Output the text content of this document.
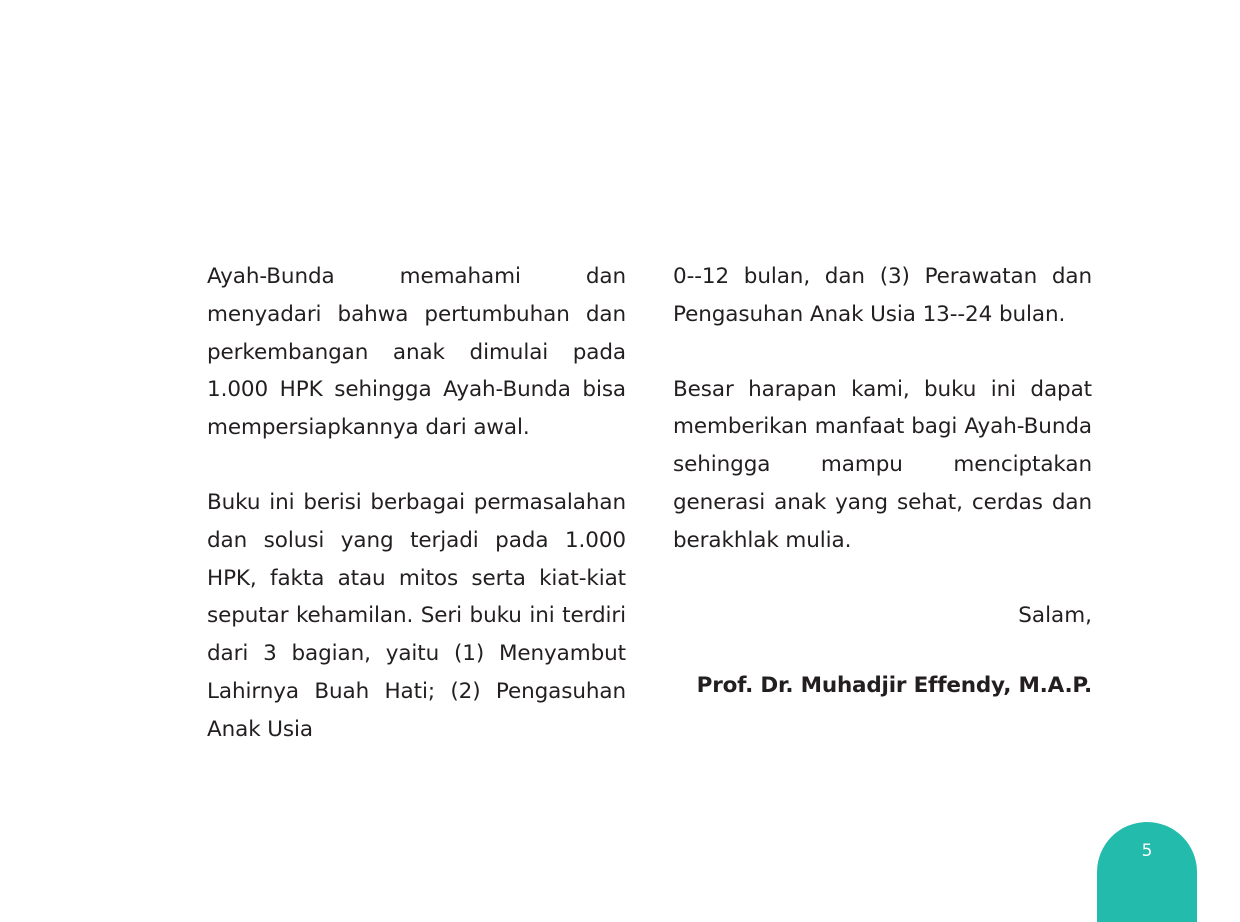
Ayah-Bunda memahami dan menyadari bahwa pertumbuhan dan perkembangan anak dimulai pada 1.000 HPK sehingga Ayah-Bunda bisa mempersiapkannya dari awal.

Buku ini berisi berbagai permasalahan dan solusi yang terjadi pada 1.000 HPK, fakta atau mitos serta kiat-kiat seputar kehamilan. Seri buku ini terdiri dari 3 bagian, yaitu (1) Menyambut Lahirnya Buah Hati; (2) Pengasuhan Anak Usia

0--12 bulan, dan (3) Perawatan dan Pengasuhan Anak Usia 13--24 bulan.

Besar harapan kami, buku ini dapat memberikan manfaat bagi Ayah-Bunda sehingga mampu menciptakan generasi anak yang sehat, cerdas dan berakhlak mulia.

Salam,

Prof. Dr. Muhadjir Effendy, M.A.P.

5
